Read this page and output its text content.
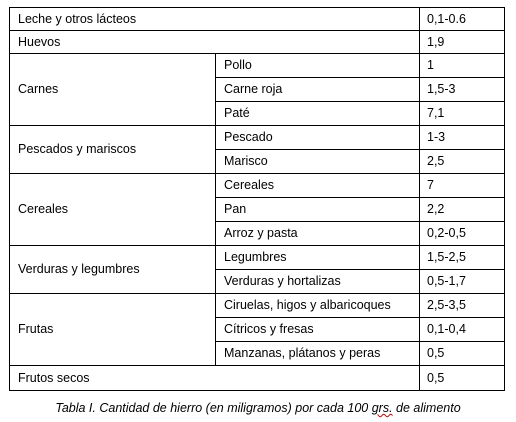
Leche y otros lácteos		0,1-0.6
Huevos		1,9
Carnes	Pollo	1
	Carne roja	1,5-3
	Paté	7,1
Pescados y mariscos	Pescado	1-3
	Marisco	2,5
Cereales	Cereales	7
	Pan	2,2
	Arroz y pasta	0,2-0,5
Verduras y legumbres	Legumbres	1,5-2,5
	Verduras y hortalizas	0,5-1,7
Frutas	Ciruelas, higos y albaricoques	2,5-3,5
	Cítricos y fresas	0,1-0,4
	Manzanas, plátanos y peras	0,5
Frutos secos		0,5
Tabla I. Cantidad de hierro (en miligramos) por cada 100 grs. de alimento
